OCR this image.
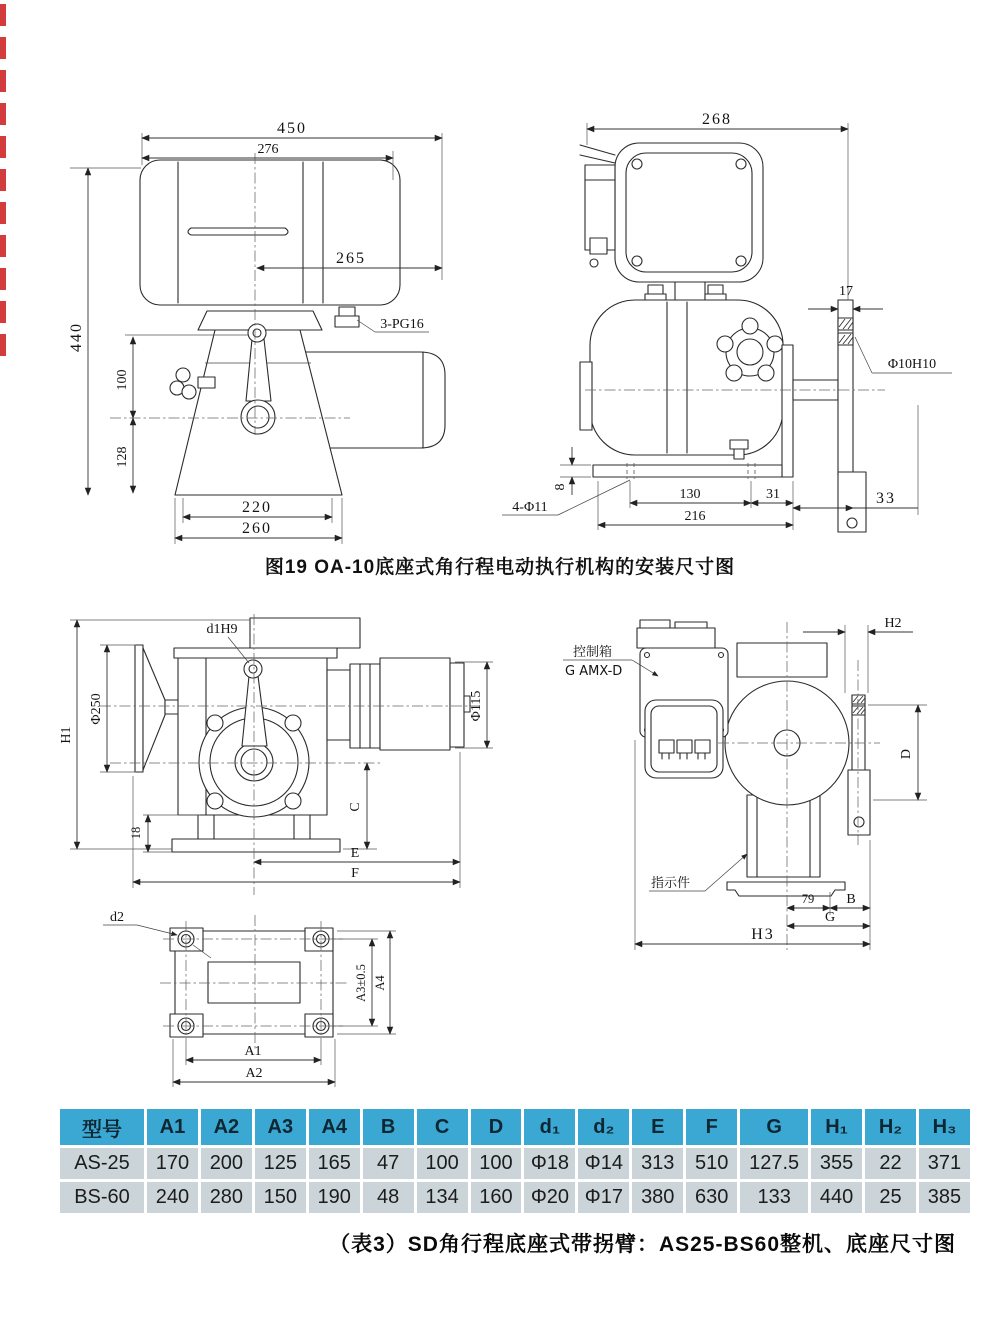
450
276
265
440
100
128
220
260
3-PG16
268
17
Φ10H10
8	130	31
216
33
4-Φ11
图19 OA-10底座式角行程电动执行机构的安装尺寸图
H1
Φ250
d1H9
18
C
E
F
Φ115
控制箱
G AMX-D
指示件
H2
D
79 B
G
H3
d2
A1
A2
A3±0.5 A4
型号	A1	A2	A3	A4	B	C	D	d₁	d₂	E	F	G	H₁	H₂	H₃
AS-25	170	200	125	165	47	100	100	Φ18	Φ14	313	510	127.5	355	22	371
BS-60	240	280	150	190	48	134	160	Φ20	Φ17	380	630	133	440	25	385
（表3）SD角行程底座式带拐臂：AS25-BS60整机、底座尺寸图
